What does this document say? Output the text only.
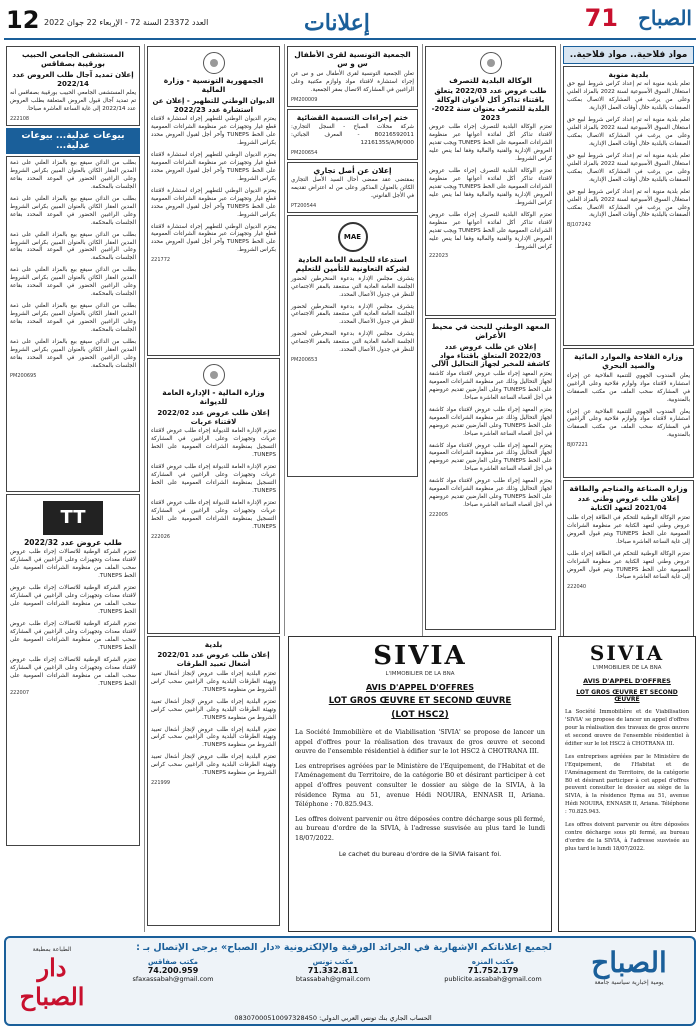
12 العدد 23372 السنة 72 - الإربعاء 22 جوان 2022	إعلانات	71 الصباح
المستشفى الجامعي الحبيب بورقيبة بصفاقس
إعلان تمديد آجال طلب العروض عدد 2022/14

يعلم المستشفى الجامعي الحبيب بورقيبة بصفاقس أنه تم تمديد آجال قبول العروض المتعلقة بطلب العروض عدد 2022/14 إلى غاية الساعة العاشرة صباحا.

222108
بيوعات عدلية... بيوعات عدلية...

بطلب من الدائن سيقع بيع بالمزاد العلني على ذمة المدين العقار الكائن بالعنوان المبين بكراس الشروط وعلى الراغبين الحضور في الموعد المحدد بقاعة الجلسات بالمحكمة.

بطلب من الدائن سيقع بيع بالمزاد العلني على ذمة المدين العقار الكائن بالعنوان المبين بكراس الشروط وعلى الراغبين الحضور في الموعد المحدد بقاعة الجلسات بالمحكمة.

بطلب من الدائن سيقع بيع بالمزاد العلني على ذمة المدين العقار الكائن بالعنوان المبين بكراس الشروط وعلى الراغبين الحضور في الموعد المحدد بقاعة الجلسات بالمحكمة.

بطلب من الدائن سيقع بيع بالمزاد العلني على ذمة المدين العقار الكائن بالعنوان المبين بكراس الشروط وعلى الراغبين الحضور في الموعد المحدد بقاعة الجلسات بالمحكمة.

بطلب من الدائن سيقع بيع بالمزاد العلني على ذمة المدين العقار الكائن بالعنوان المبين بكراس الشروط وعلى الراغبين الحضور في الموعد المحدد بقاعة الجلسات بالمحكمة.

بطلب من الدائن سيقع بيع بالمزاد العلني على ذمة المدين العقار الكائن بالعنوان المبين بكراس الشروط وعلى الراغبين الحضور في الموعد المحدد بقاعة الجلسات بالمحكمة.

PM200695
TT
طلب عروض عدد 2022/32

تعتزم الشركة الوطنية للاتصالات إجراء طلب عروض لاقتناء معدات وتجهيزات وعلى الراغبين في المشاركة سحب الملف من منظومة الشراءات العمومية على الخط TUNEPS.

تعتزم الشركة الوطنية للاتصالات إجراء طلب عروض لاقتناء معدات وتجهيزات وعلى الراغبين في المشاركة سحب الملف من منظومة الشراءات العمومية على الخط TUNEPS.

تعتزم الشركة الوطنية للاتصالات إجراء طلب عروض لاقتناء معدات وتجهيزات وعلى الراغبين في المشاركة سحب الملف من منظومة الشراءات العمومية على الخط TUNEPS.

تعتزم الشركة الوطنية للاتصالات إجراء طلب عروض لاقتناء معدات وتجهيزات وعلى الراغبين في المشاركة سحب الملف من منظومة الشراءات العمومية على الخط TUNEPS.

222007
الجمهورية التونسية - وزارة المالية
الديوان الوطني للتطهير - إعلان عن استشارة عدد 2022/23

يعتزم الديوان الوطني للتطهير إجراء استشارة لاقتناء قطع غيار وتجهيزات عبر منظومة الشراءات العمومية على الخط TUNEPS وآخر أجل لقبول العروض محدد بكراس الشروط.

يعتزم الديوان الوطني للتطهير إجراء استشارة لاقتناء قطع غيار وتجهيزات عبر منظومة الشراءات العمومية على الخط TUNEPS وآخر أجل لقبول العروض محدد بكراس الشروط.

يعتزم الديوان الوطني للتطهير إجراء استشارة لاقتناء قطع غيار وتجهيزات عبر منظومة الشراءات العمومية على الخط TUNEPS وآخر أجل لقبول العروض محدد بكراس الشروط.

يعتزم الديوان الوطني للتطهير إجراء استشارة لاقتناء قطع غيار وتجهيزات عبر منظومة الشراءات العمومية على الخط TUNEPS وآخر أجل لقبول العروض محدد بكراس الشروط.

221772
وزارة المالية - الإدارة العامة للديوانة
إعلان طلب عروض عدد 2022/02 لاقتناء عربات

تعتزم الإدارة العامة للديوانة إجراء طلب عروض لاقتناء عربات وتجهيزات وعلى الراغبين في المشاركة التسجيل بمنظومة الشراءات العمومية على الخط TUNEPS.

تعتزم الإدارة العامة للديوانة إجراء طلب عروض لاقتناء عربات وتجهيزات وعلى الراغبين في المشاركة التسجيل بمنظومة الشراءات العمومية على الخط TUNEPS.

تعتزم الإدارة العامة للديوانة إجراء طلب عروض لاقتناء عربات وتجهيزات وعلى الراغبين في المشاركة التسجيل بمنظومة الشراءات العمومية على الخط TUNEPS.

222026
بلدية
إعلان طلب عروض عدد 2022/01 أشغال تعبيد الطرقات

تعتزم البلدية إجراء طلب عروض لإنجاز أشغال تعبيد وتهيئة الطرقات البلدية وعلى الراغبين سحب كراس الشروط من منظومة TUNEPS.

تعتزم البلدية إجراء طلب عروض لإنجاز أشغال تعبيد وتهيئة الطرقات البلدية وعلى الراغبين سحب كراس الشروط من منظومة TUNEPS.

تعتزم البلدية إجراء طلب عروض لإنجاز أشغال تعبيد وتهيئة الطرقات البلدية وعلى الراغبين سحب كراس الشروط من منظومة TUNEPS.

تعتزم البلدية إجراء طلب عروض لإنجاز أشغال تعبيد وتهيئة الطرقات البلدية وعلى الراغبين سحب كراس الشروط من منظومة TUNEPS.

221999
الجمعية التونسية لقرى الأطفال س و س

تعلن الجمعية التونسية لقرى الأطفال س و س عن إجراء استشارة لاقتناء مواد ولوازم مكتبية وعلى الراغبين في المشاركة الاتصال بمقر الجمعية.

PM200009
ختم إجراءات التسمية القضائية

شركة محلات الصباح - السجل التجاري: B0216592011 - المعرف الجبائي: 1216135S/A/M/000

PM200654
إعلان عن أصل تجاري

بمقتضى عقد ممضى أحال السيد الأصل التجاري الكائن بالعنوان المذكور وعلى من له اعتراض تقديمه في الأجل القانوني.

PT200544
MAE
استدعاء للجلسة العامة العادية لشركة التعاونية للتأمين للتعليم

يتشرف مجلس الإدارة بدعوة المنخرطين لحضور الجلسة العامة العادية التي ستنعقد بالمقر الاجتماعي للنظر في جدول الأعمال المحدد.

يتشرف مجلس الإدارة بدعوة المنخرطين لحضور الجلسة العامة العادية التي ستنعقد بالمقر الاجتماعي للنظر في جدول الأعمال المحدد.

يتشرف مجلس الإدارة بدعوة المنخرطين لحضور الجلسة العامة العادية التي ستنعقد بالمقر الاجتماعي للنظر في جدول الأعمال المحدد.

PM200653
الوكالة البلدية للتصرف
طلب عروض عدد 2022/03 يتعلق باقتناء تذاكر أكل لأعوان الوكالة البلدية للتصرف بعنوان سنة 2022-2023

تعتزم الوكالة البلدية للتصرف إجراء طلب عروض لاقتناء تذاكر أكل لفائدة أعوانها عبر منظومة الشراءات العمومية على الخط TUNEPS ويجب تقديم العروض الإدارية والفنية والمالية وفقا لما ينص عليه كراس الشروط.

تعتزم الوكالة البلدية للتصرف إجراء طلب عروض لاقتناء تذاكر أكل لفائدة أعوانها عبر منظومة الشراءات العمومية على الخط TUNEPS ويجب تقديم العروض الإدارية والفنية والمالية وفقا لما ينص عليه كراس الشروط.

تعتزم الوكالة البلدية للتصرف إجراء طلب عروض لاقتناء تذاكر أكل لفائدة أعوانها عبر منظومة الشراءات العمومية على الخط TUNEPS ويجب تقديم العروض الإدارية والفنية والمالية وفقا لما ينص عليه كراس الشروط.

222023
المعهد الوطني للبحث في محيط الأعراض
إعلان عن طلب عروض عدد 2022/03 المتعلق باقتناء مواد كاشفة للمخبر لجهاز التحاليل الآلي

يعتزم المعهد إجراء طلب عروض لاقتناء مواد كاشفة لجهاز التحاليل وذلك عبر منظومة الشراءات العمومية على الخط TUNEPS وعلى العارضين تقديم عروضهم في أجل أقصاه الساعة العاشرة صباحا.

يعتزم المعهد إجراء طلب عروض لاقتناء مواد كاشفة لجهاز التحاليل وذلك عبر منظومة الشراءات العمومية على الخط TUNEPS وعلى العارضين تقديم عروضهم في أجل أقصاه الساعة العاشرة صباحا.

يعتزم المعهد إجراء طلب عروض لاقتناء مواد كاشفة لجهاز التحاليل وذلك عبر منظومة الشراءات العمومية على الخط TUNEPS وعلى العارضين تقديم عروضهم في أجل أقصاه الساعة العاشرة صباحا.

يعتزم المعهد إجراء طلب عروض لاقتناء مواد كاشفة لجهاز التحاليل وذلك عبر منظومة الشراءات العمومية على الخط TUNEPS وعلى العارضين تقديم عروضهم في أجل أقصاه الساعة العاشرة صباحا.

222005
مواد فلاحية.. مواد فلاحية..
بلدية منوبة

تعلم بلدية منوبة أنه تم إعداد كراس شروط لبيع حق استغلال السوق الأسبوعية لسنة 2022 بالمزاد العلني وعلى من يرغب في المشاركة الاتصال بمكتب الصفقات بالبلدية خلال أوقات العمل الإدارية.

تعلم بلدية منوبة أنه تم إعداد كراس شروط لبيع حق استغلال السوق الأسبوعية لسنة 2022 بالمزاد العلني وعلى من يرغب في المشاركة الاتصال بمكتب الصفقات بالبلدية خلال أوقات العمل الإدارية.

تعلم بلدية منوبة أنه تم إعداد كراس شروط لبيع حق استغلال السوق الأسبوعية لسنة 2022 بالمزاد العلني وعلى من يرغب في المشاركة الاتصال بمكتب الصفقات بالبلدية خلال أوقات العمل الإدارية.

تعلم بلدية منوبة أنه تم إعداد كراس شروط لبيع حق استغلال السوق الأسبوعية لسنة 2022 بالمزاد العلني وعلى من يرغب في المشاركة الاتصال بمكتب الصفقات بالبلدية خلال أوقات العمل الإدارية.

BJ107242
وزارة الفلاحة والموارد المائية والصيد البحري

يعلن المندوب الجهوي للتنمية الفلاحية عن إجراء استشارة لاقتناء مواد ولوازم فلاحية وعلى الراغبين في المشاركة سحب الملف من مكتب الصفقات بالمندوبية.

يعلن المندوب الجهوي للتنمية الفلاحية عن إجراء استشارة لاقتناء مواد ولوازم فلاحية وعلى الراغبين في المشاركة سحب الملف من مكتب الصفقات بالمندوبية.

BJ07221
وزارة الصناعة والمناجم والطاقة
إعلان طلب عروض وطني عدد 2021/04 لتعهد الكتابة

تعتزم الوكالة الوطنية للتحكم في الطاقة إجراء طلب عروض وطني لتعهد الكتابة عبر منظومة الشراءات العمومية على الخط TUNEPS ويتم قبول العروض إلى غاية الساعة العاشرة صباحا.

تعتزم الوكالة الوطنية للتحكم في الطاقة إجراء طلب عروض وطني لتعهد الكتابة عبر منظومة الشراءات العمومية على الخط TUNEPS ويتم قبول العروض إلى غاية الساعة العاشرة صباحا.

222040
SIVIA
L'IMMOBILIER DE LA BNA
AVIS D'APPEL D'OFFRES
LOT GROS ŒUVRE ET SECOND ŒUVRE
(LOT HSC2)

La Société Immobilière et de Viabilisation 'SIVIA' se propose de lancer un appel d'offres pour la réalisation des travaux de gros œuvre et second œuvre de l'ensemble résidentiel à édifier sur le lot HSC2 à CHOTRANA III.

Les entreprises agréées par le Ministère de l'Equipement, de l'Habitat et de l'Aménagement du Territoire, de la catégorie B0 et désirant participer à cet appel d'offres peuvent consulter le dossier au siège de la SIVIA, à la résidence Ryma au 51, avenue Hédi NOUIRA, ENNASR II, Ariana. Téléphone : 70.825.943.

Les offres doivent parvenir ou être déposées contre décharge sous pli fermé, au bureau d'ordre de la SIVIA, à l'adresse susvisée au plus tard le lundi 18/07/2022.

Le cachet du bureau d'ordre de la SIVIA faisant foi.
SIVIA
L'IMMOBILIER DE LA BNA
AVIS D'APPEL D'OFFRES
LOT GROS ŒUVRE ET SECOND ŒUVRE

La Société Immobilière et de Viabilisation 'SIVIA' se propose de lancer un appel d'offres pour la réalisation des travaux de gros œuvre et second œuvre de l'ensemble résidentiel à édifier sur le lot HSC2 à CHOTRANA III.

Les entreprises agréées par le Ministère de l'Equipement, de l'Habitat et de l'Aménagement du Territoire, de la catégorie B0 et désirant participer à cet appel d'offres peuvent consulter le dossier au siège de la SIVIA, à la résidence Ryma au 51, avenue Hédi NOUIRA, ENNASR II, Ariana. Téléphone : 70.825.943.

Les offres doivent parvenir ou être déposées contre décharge sous pli fermé, au bureau d'ordre de la SIVIA, à l'adresse susvisée au plus tard le lundi 18/07/2022.

لجميع إعلاناتكم الإشهارية في الجرائد الورقية والإلكترونية «دار الصباح» يرجى الإتصال بـ :	الصباح
يومية إخبارية سياسية جامعة
الطباعة بمطبعة
دار الصباح
مكتب المنزه
71.752.179
publicite.assabah@gmail.com
مكتب تونس
71.332.811
btassabah@gmail.com
مكتب صفاقس
74.200.959
sfaxassabah@gmail.com
الحساب الجاري بنك تونس العربي الدولي: 08307000510097328450
